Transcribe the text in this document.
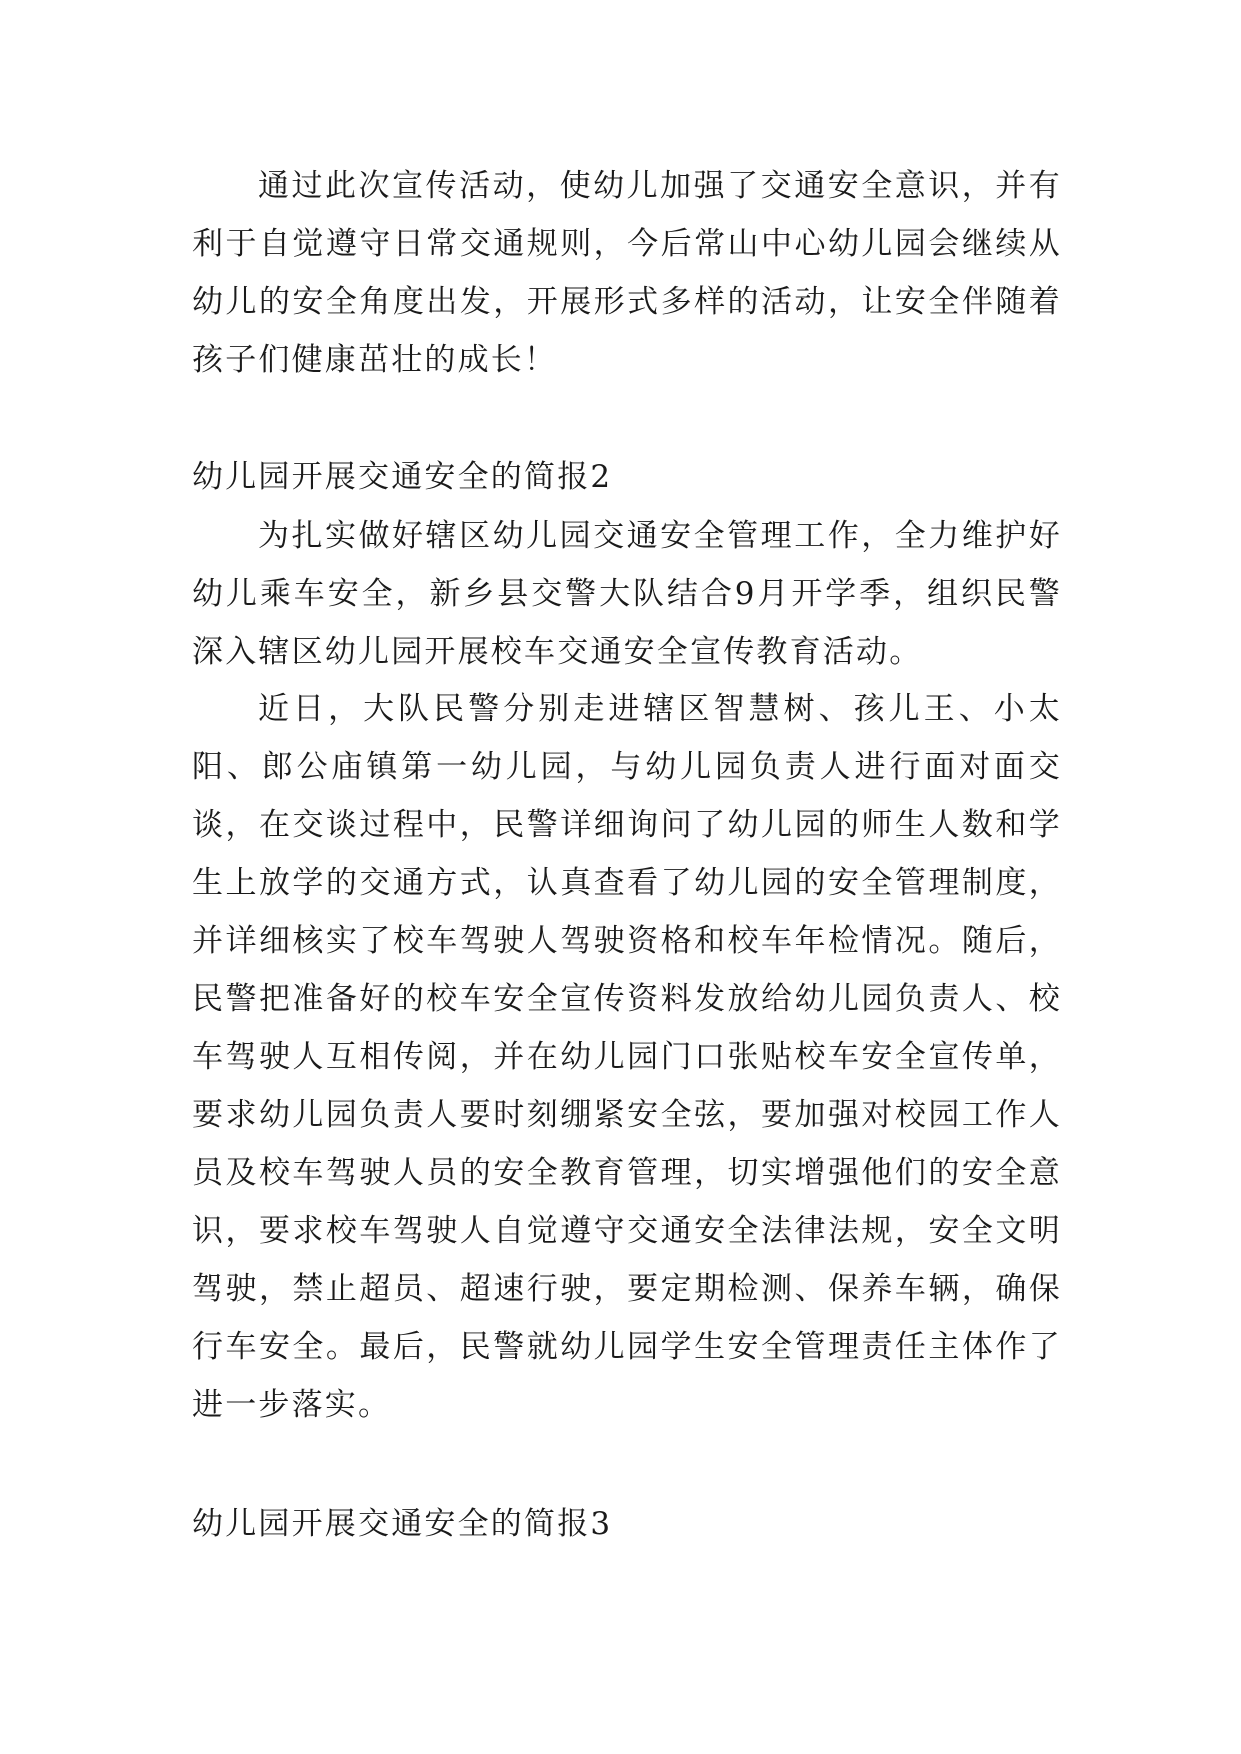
通过此次宣传活动，使幼儿加强了交通安全意识，并有利于自觉遵守日常交通规则，今后常山中心幼儿园会继续从幼儿的安全角度出发，开展形式多样的活动，让安全伴随着孩子们健康茁壮的成长！

幼儿园开展交通安全的简报2

为扎实做好辖区幼儿园交通安全管理工作，全力维护好幼儿乘车安全，新乡县交警大队结合9月开学季，组织民警深入辖区幼儿园开展校车交通安全宣传教育活动。

近日，大队民警分别走进辖区智慧树、孩儿王、小太阳、郎公庙镇第一幼儿园，与幼儿园负责人进行面对面交谈，在交谈过程中，民警详细询问了幼儿园的师生人数和学生上放学的交通方式，认真查看了幼儿园的安全管理制度，并详细核实了校车驾驶人驾驶资格和校车年检情况。随后，民警把准备好的校车安全宣传资料发放给幼儿园负责人、校车驾驶人互相传阅，并在幼儿园门口张贴校车安全宣传单，要求幼儿园负责人要时刻绷紧安全弦，要加强对校园工作人员及校车驾驶人员的安全教育管理，切实增强他们的安全意识，要求校车驾驶人自觉遵守交通安全法律法规，安全文明驾驶，禁止超员、超速行驶，要定期检测、保养车辆，确保行车安全。最后，民警就幼儿园学生安全管理责任主体作了进一步落实。

幼儿园开展交通安全的简报3
